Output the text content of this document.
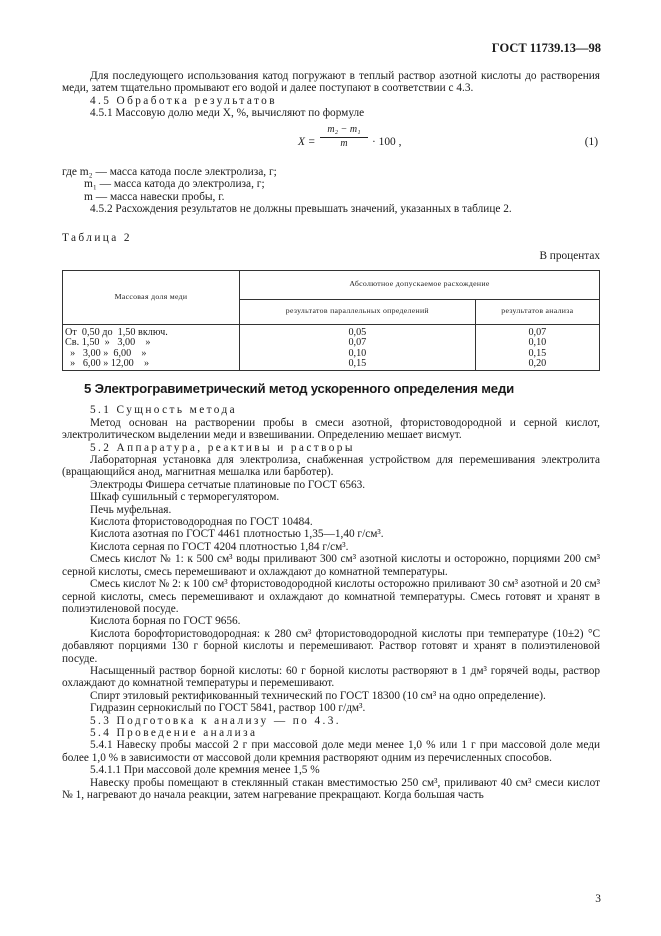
ГОСТ 11739.13—98

Для последующего использования катод погружают в теплый раствор азотной кислоты до растворения меди, затем тщательно промывают его водой и далее поступают в соответствии с 4.3.

4.5 Обработка результатов

4.5.1 Массовую долю меди X, %, вычисляют по формуле

$X = \frac{\text{m₂ − m₁}}{m} \cdot 100$ ,	(1)

где m₂ — масса катода после электролиза, г;

m₁ — масса катода до электролиза, г;

m — масса навески пробы, г.

4.5.2 Расхождения результатов не должны превышать значений, указанных в таблице 2.

Таблица 2

В процентах

Массовая доля меди	Абсолютное допускаемое расхождение	
	результатов параллельных определений	результатов анализа
От  0,50 до  1,50 включ.	0,05	0,07
Св. 1,50  »   3,00    »	0,07	0,10
»   3,00 »  6,00    »	0,10	0,15
»   6,00 » 12,00    »	0,15	0,20
5 Электрогравиметрический метод ускоренного определения меди

5.1 Сущность метода

Метод основан на растворении пробы в смеси азотной, фтористоводородной и серной кислот, электролитическом выделении меди и взвешивании. Определению мешает висмут.

5.2 Аппаратура, реактивы и растворы

Лабораторная установка для электролиза, снабженная устройством для перемешивания электролита (вращающийся анод, магнитная мешалка или барботер).

Электроды Фишера сетчатые платиновые по ГОСТ 6563.

Шкаф сушильный с терморегулятором.

Печь муфельная.

Кислота фтористоводородная по ГОСТ 10484.

Кислота азотная по ГОСТ 4461 плотностью 1,35—1,40 г/см³.

Кислота серная по ГОСТ 4204 плотностью 1,84 г/см³.

Смесь кислот № 1: к 500 см³ воды приливают 300 см³ азотной кислоты и осторожно, порциями 200 см³ серной кислоты, смесь перемешивают и охлаждают до комнатной температуры.

Смесь кислот № 2: к 100 см³ фтористоводородной кислоты осторожно приливают 30 см³ азотной и 20 см³ серной кислоты, смесь перемешивают и охлаждают до комнатной температуры. Смесь готовят и хранят в полиэтиленовой посуде.

Кислота борная по ГОСТ 9656.

Кислота борофтористоводородная: к 280 см³ фтористоводородной кислоты при температуре (10±2) °С добавляют порциями 130 г борной кислоты и перемешивают. Раствор готовят и хранят в полиэтиленовой посуде.

Насыщенный раствор борной кислоты: 60 г борной кислоты растворяют в 1 дм³ горячей воды, раствор охлаждают до комнатной температуры и перемешивают.

Спирт этиловый ректификованный технический по ГОСТ 18300 (10 см³ на одно определение).

Гидразин сернокислый по ГОСТ 5841, раствор 100 г/дм³.

5.3 Подготовка к анализу — по 4.3.

5.4 Проведение анализа

5.4.1 Навеску пробы массой 2 г при массовой доле меди менее 1,0 % или 1 г при массовой доле меди более 1,0 % в зависимости от массовой доли кремния растворяют одним из перечисленных способов.

5.4.1.1 При массовой доле кремния менее 1,5 %

Навеску пробы помещают в стеклянный стакан вместимостью 250 см³, приливают 40 см³ смеси кислот № 1, нагревают до начала реакции, затем нагревание прекращают. Когда большая часть

3
